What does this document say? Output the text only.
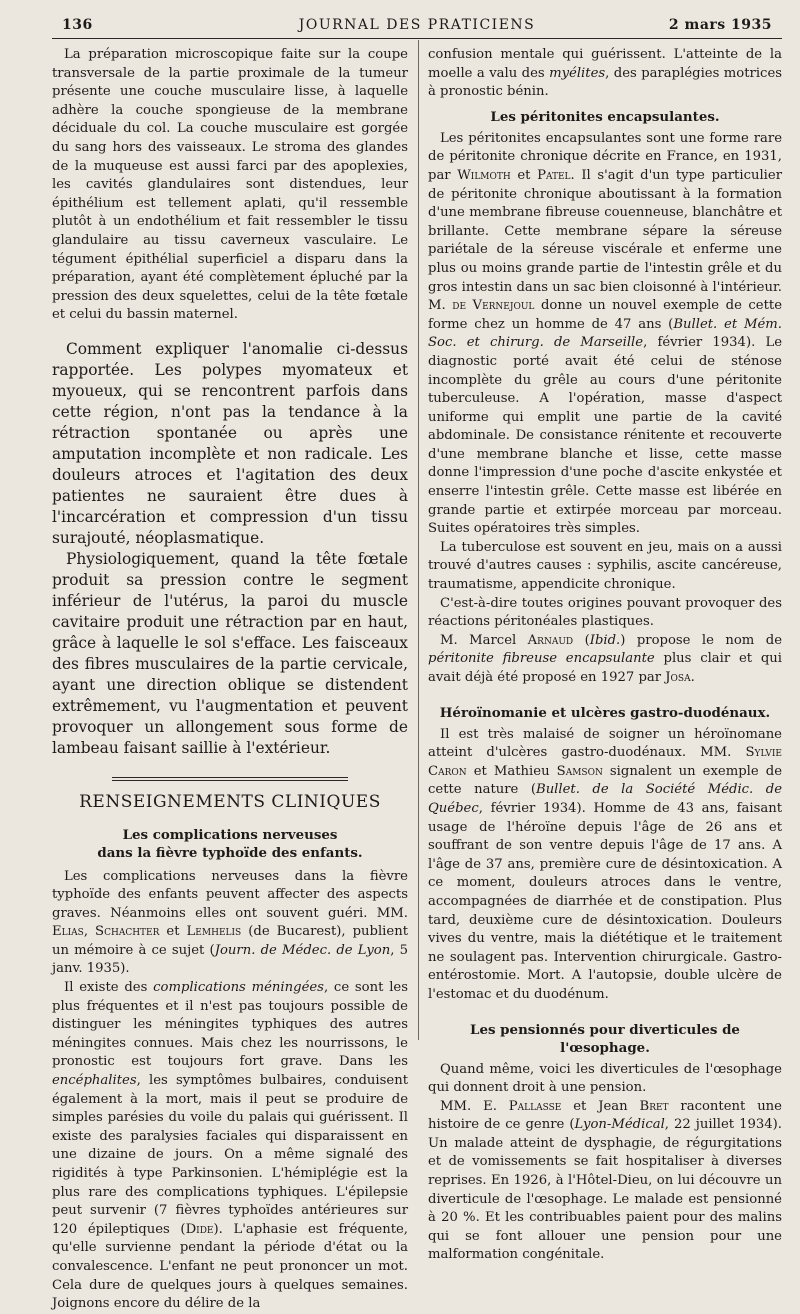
136	JOURNAL DES PRATICIENS	2 mars 1935

La préparation microscopique faite sur la coupe transversale de la partie proximale de la tumeur présente une couche musculaire lisse, à laquelle adhère la couche spongieuse de la membrane déciduale du col. La couche musculaire est gorgée du sang hors des vaisseaux. Le stroma des glandes de la muqueuse est aussi farci par des apoplexies, les cavités glandulaires sont distendues, leur épithélium est tellement aplati, qu'il ressemble plutôt à un endothélium et fait ressembler le tissu glandulaire au tissu caverneux vasculaire. Le tégument épithélial superficiel a disparu dans la préparation, ayant été complètement épluché par la pression des deux squelettes, celui de la tête fœtale et celui du bassin maternel.

Comment expliquer l'anomalie ci-dessus rapportée. Les polypes myomateux et myoueux, qui se rencontrent parfois dans cette région, n'ont pas la tendance à la rétraction spontanée ou après une amputation incomplète et non radicale. Les douleurs atroces et l'agitation des deux patientes ne sauraient être dues à l'incarcération et compression d'un tissu surajouté, néoplasmatique.

Physiologiquement, quand la tête fœtale produit sa pression contre le segment inférieur de l'utérus, la paroi du muscle cavitaire produit une rétraction par en haut, grâce à laquelle le sol s'efface. Les faisceaux des fibres musculaires de la partie cervicale, ayant une direction oblique se distendent extrêmement, vu l'augmentation et peuvent provoquer un allongement sous forme de lambeau faisant saillie à l'extérieur.

RENSEIGNEMENTS CLINIQUES
Les complications nerveuses
dans la fièvre typhoïde des enfants.

Les complications nerveuses dans la fièvre typhoïde des enfants peuvent affecter des aspects graves. Néanmoins elles ont souvent guéri. MM. Elias, Schachter et Lemhelis (de Bucarest), publient un mémoire à ce sujet (Journ. de Médec. de Lyon, 5 janv. 1935).

Il existe des complications méningées, ce sont les plus fréquentes et il n'est pas toujours possible de distinguer les méningites typhiques des autres méningites connues. Mais chez les nourrissons, le pronostic est toujours fort grave. Dans les encéphalites, les symptômes bulbaires, conduisent également à la mort, mais il peut se produire de simples parésies du voile du palais qui guérissent. Il existe des paralysies faciales qui disparaissent en une dizaine de jours. On a même signalé des rigidités à type Parkinsonien. L'hémiplégie est la plus rare des complications typhiques. L'épilepsie peut survenir (7 fièvres typhoïdes antérieures sur 120 épileptiques (Dide). L'aphasie est fréquente, qu'elle survienne pendant la période d'état ou la convalescence. L'enfant ne peut prononcer un mot. Cela dure de quelques jours à quelques semaines. Joignons encore du délire de la

confusion mentale qui guérissent. L'atteinte de la moelle a valu des myélites, des paraplégies motrices à pronostic bénin.

Les péritonites encapsulantes.

Les péritonites encapsulantes sont une forme rare de péritonite chronique décrite en France, en 1931, par Wilmoth et Patel. Il s'agit d'un type particulier de péritonite chronique aboutissant à la formation d'une membrane fibreuse couenneuse, blanchâtre et brillante. Cette membrane sépare la séreuse pariétale de la séreuse viscérale et enferme une plus ou moins grande partie de l'intestin grêle et du gros intestin dans un sac bien cloisonné à l'intérieur. M. de Vernejoul donne un nouvel exemple de cette forme chez un homme de 47 ans (Bullet. et Mém. Soc. et chirurg. de Marseille, février 1934). Le diagnostic porté avait été celui de sténose incomplète du grêle au cours d'une péritonite tuberculeuse. A l'opération, masse d'aspect uniforme qui emplit une partie de la cavité abdominale. De consistance rénitente et recouverte d'une membrane blanche et lisse, cette masse donne l'impression d'une poche d'ascite enkystée et enserre l'intestin grêle. Cette masse est libérée en grande partie et extirpée morceau par morceau. Suites opératoires très simples.

La tuberculose est souvent en jeu, mais on a aussi trouvé d'autres causes : syphilis, ascite cancéreuse, traumatisme, appendicite chronique.

C'est-à-dire toutes origines pouvant provoquer des réactions péritonéales plastiques.

M. Marcel Arnaud (Ibid.) propose le nom de péritonite fibreuse encapsulante plus clair et qui avait déjà été proposé en 1927 par Josa.

Héroïnomanie et ulcères gastro-duodénaux.

Il est très malaisé de soigner un héroïnomane atteint d'ulcères gastro-duodénaux. MM. Sylvie Caron et Mathieu Samson signalent un exemple de cette nature (Bullet. de la Société Médic. de Québec, février 1934). Homme de 43 ans, faisant usage de l'héroïne depuis l'âge de 26 ans et souffrant de son ventre depuis l'âge de 17 ans. A l'âge de 37 ans, première cure de désintoxication. A ce moment, douleurs atroces dans le ventre, accompagnées de diarrhée et de constipation. Plus tard, deuxième cure de désintoxication. Douleurs vives du ventre, mais la diététique et le traitement ne soulagent pas. Intervention chirurgicale. Gastro-entérostomie. Mort. A l'autopsie, double ulcère de l'estomac et du duodénum.

Les pensionnés pour diverticules de l'œsophage.

Quand même, voici les diverticules de l'œsophage qui donnent droit à une pension.

MM. E. Pallasse et Jean Bret racontent une histoire de ce genre (Lyon-Médical, 22 juillet 1934). Un malade atteint de dysphagie, de régurgitations et de vomissements se fait hospitaliser à diverses reprises. En 1926, à l'Hôtel-Dieu, on lui découvre un diverticule de l'œsophage. Le malade est pensionné à 20 %. Et les contribuables paient pour des malins qui se font allouer une pension pour une malformation congénitale.
